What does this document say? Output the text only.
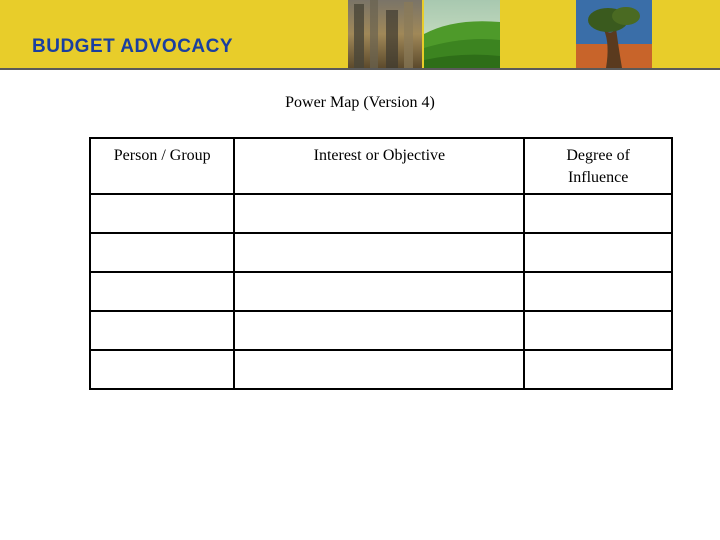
BUDGET ADVOCACY
Power Map (Version 4)
Person / Group	Interest or Objective	Degree of Influence
